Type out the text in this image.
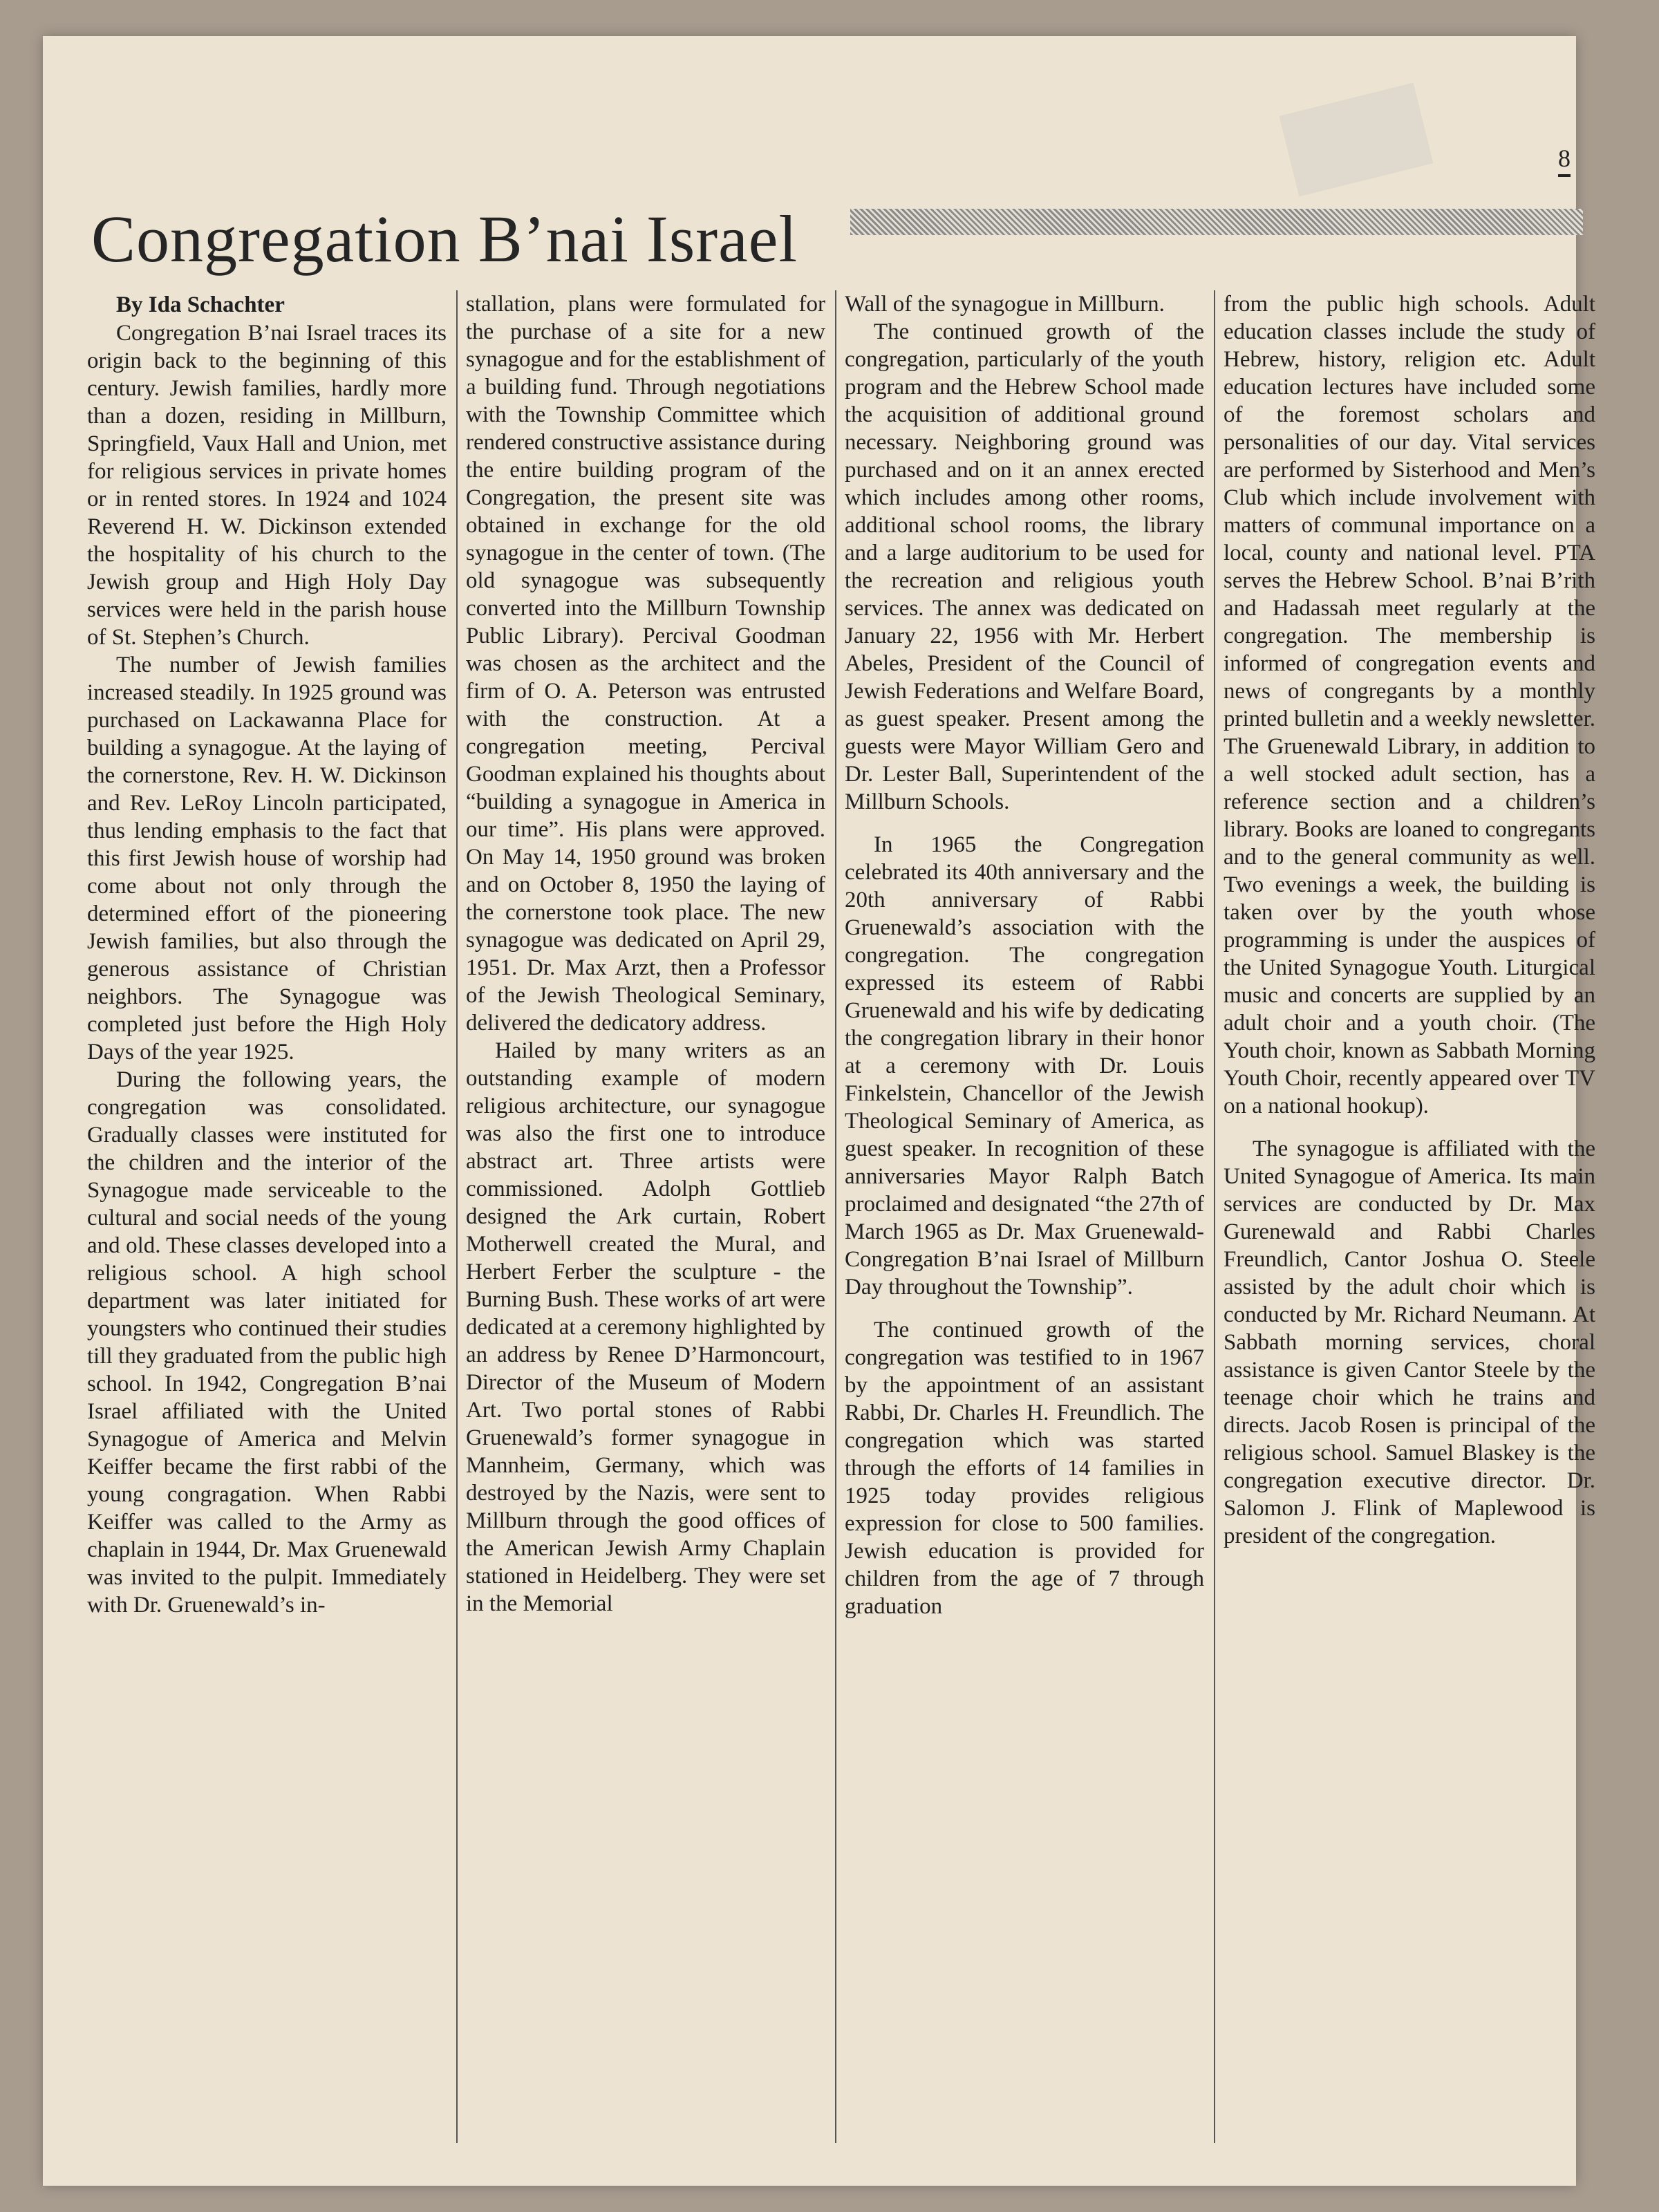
8
Congregation B’nai Israel

By Ida Schachter

Congregation B’nai Israel traces its origin back to the beginning of this century. Jewish families, hardly more than a dozen, residing in Millburn, Springfield, Vaux Hall and Union, met for religious services in private homes or in rented stores. In 1924 and 1024 Reverend H. W. Dickinson extended the hospitality of his church to the Jewish group and High Holy Day services were held in the parish house of St. Stephen’s Church.

The number of Jewish families increased steadily. In 1925 ground was purchased on Lackawanna Place for building a synagogue. At the laying of the cornerstone, Rev. H. W. Dickinson and Rev. LeRoy Lincoln participated, thus lending emphasis to the fact that this first Jewish house of worship had come about not only through the determined effort of the pioneering Jewish families, but also through the generous assistance of Christian neighbors. The Synagogue was completed just before the High Holy Days of the year 1925.

During the following years, the congregation was consolidated. Gradually classes were instituted for the children and the interior of the Synagogue made serviceable to the cultural and social needs of the young and old. These classes developed into a religious school. A high school department was later initiated for youngsters who continued their studies till they graduated from the public high school. In 1942, Congregation B’nai Israel affiliated with the United Synagogue of America and Melvin Keiffer became the first rabbi of the young congragation. When Rabbi Keiffer was called to the Army as chaplain in 1944, Dr. Max Gruenewald was invited to the pulpit. Immediately with Dr. Gruenewald’s in-

stallation, plans were formulated for the purchase of a site for a new synagogue and for the establishment of a building fund. Through negotiations with the Township Committee which rendered constructive assistance during the entire building program of the Congregation, the present site was obtained in exchange for the old synagogue in the center of town. (The old synagogue was subsequently converted into the Millburn Township Public Library). Percival Goodman was chosen as the architect and the firm of O. A. Peterson was entrusted with the construction. At a congregation meeting, Percival Goodman explained his thoughts about “building a synagogue in America in our time”. His plans were approved. On May 14, 1950 ground was broken and on October 8, 1950 the laying of the cornerstone took place. The new synagogue was dedicated on April 29, 1951. Dr. Max Arzt, then a Professor of the Jewish Theological Seminary, delivered the dedicatory address.

Hailed by many writers as an outstanding example of modern religious architecture, our synagogue was also the first one to introduce abstract art. Three artists were commissioned. Adolph Gottlieb designed the Ark curtain, Robert Motherwell created the Mural, and Herbert Ferber the sculpture - the Burning Bush. These works of art were dedicated at a ceremony highlighted by an address by Renee D’Harmoncourt, Director of the Museum of Modern Art. Two portal stones of Rabbi Gruenewald’s former synagogue in Mannheim, Germany, which was destroyed by the Nazis, were sent to Millburn through the good offices of the American Jewish Army Chaplain stationed in Heidelberg. They were set in the Memorial

Wall of the synagogue in Millburn.

The continued growth of the congregation, particularly of the youth program and the Hebrew School made the acquisition of additional ground necessary. Neighboring ground was purchased and on it an annex erected which includes among other rooms, additional school rooms, the library and a large auditorium to be used for the recreation and religious youth services. The annex was dedicated on January 22, 1956 with Mr. Herbert Abeles, President of the Council of Jewish Federations and Welfare Board, as guest speaker. Present among the guests were Mayor William Gero and Dr. Lester Ball, Superintendent of the Millburn Schools.

In 1965 the Congregation celebrated its 40th anniversary and the 20th anniversary of Rabbi Gruenewald’s association with the congregation. The congregation expressed its esteem of Rabbi Gruenewald and his wife by dedicating the congregation library in their honor at a ceremony with Dr. Louis Finkelstein, Chancellor of the Jewish Theological Seminary of America, as guest speaker. In recognition of these anniversaries Mayor Ralph Batch proclaimed and designated “the 27th of March 1965 as Dr. Max Gruenewald-Congregation B’nai Israel of Millburn Day throughout the Township”.

The continued growth of the congregation was testified to in 1967 by the appointment of an assistant Rabbi, Dr. Charles H. Freundlich. The congregation which was started through the efforts of 14 families in 1925 today provides religious expression for close to 500 families. Jewish education is provided for children from the age of 7 through graduation

from the public high schools. Adult education classes include the study of Hebrew, history, religion etc. Adult education lectures have included some of the foremost scholars and personalities of our day. Vital services are performed by Sisterhood and Men’s Club which include involvement with matters of communal importance on a local, county and national level. PTA serves the Hebrew School. B’nai B’rith and Hadassah meet regularly at the congregation. The membership is informed of congregation events and news of congregants by a monthly printed bulletin and a weekly newsletter. The Gruenewald Library, in addition to a well stocked adult section, has a reference section and a children’s library. Books are loaned to congregants and to the general community as well. Two evenings a week, the building is taken over by the youth whose programming is under the auspices of the United Synagogue Youth. Liturgical music and concerts are supplied by an adult choir and a youth choir. (The Youth choir, known as Sabbath Morning Youth Choir, recently appeared over TV on a national hookup).

The synagogue is affiliated with the United Synagogue of America. Its main services are conducted by Dr. Max Gurenewald and Rabbi Charles Freundlich, Cantor Joshua O. Steele assisted by the adult choir which is conducted by Mr. Richard Neumann. At Sabbath morning services, choral assistance is given Cantor Steele by the teenage choir which he trains and directs. Jacob Rosen is principal of the religious school. Samuel Blaskey is the congregation executive director. Dr. Salomon J. Flink of Maplewood is president of the congregation.
